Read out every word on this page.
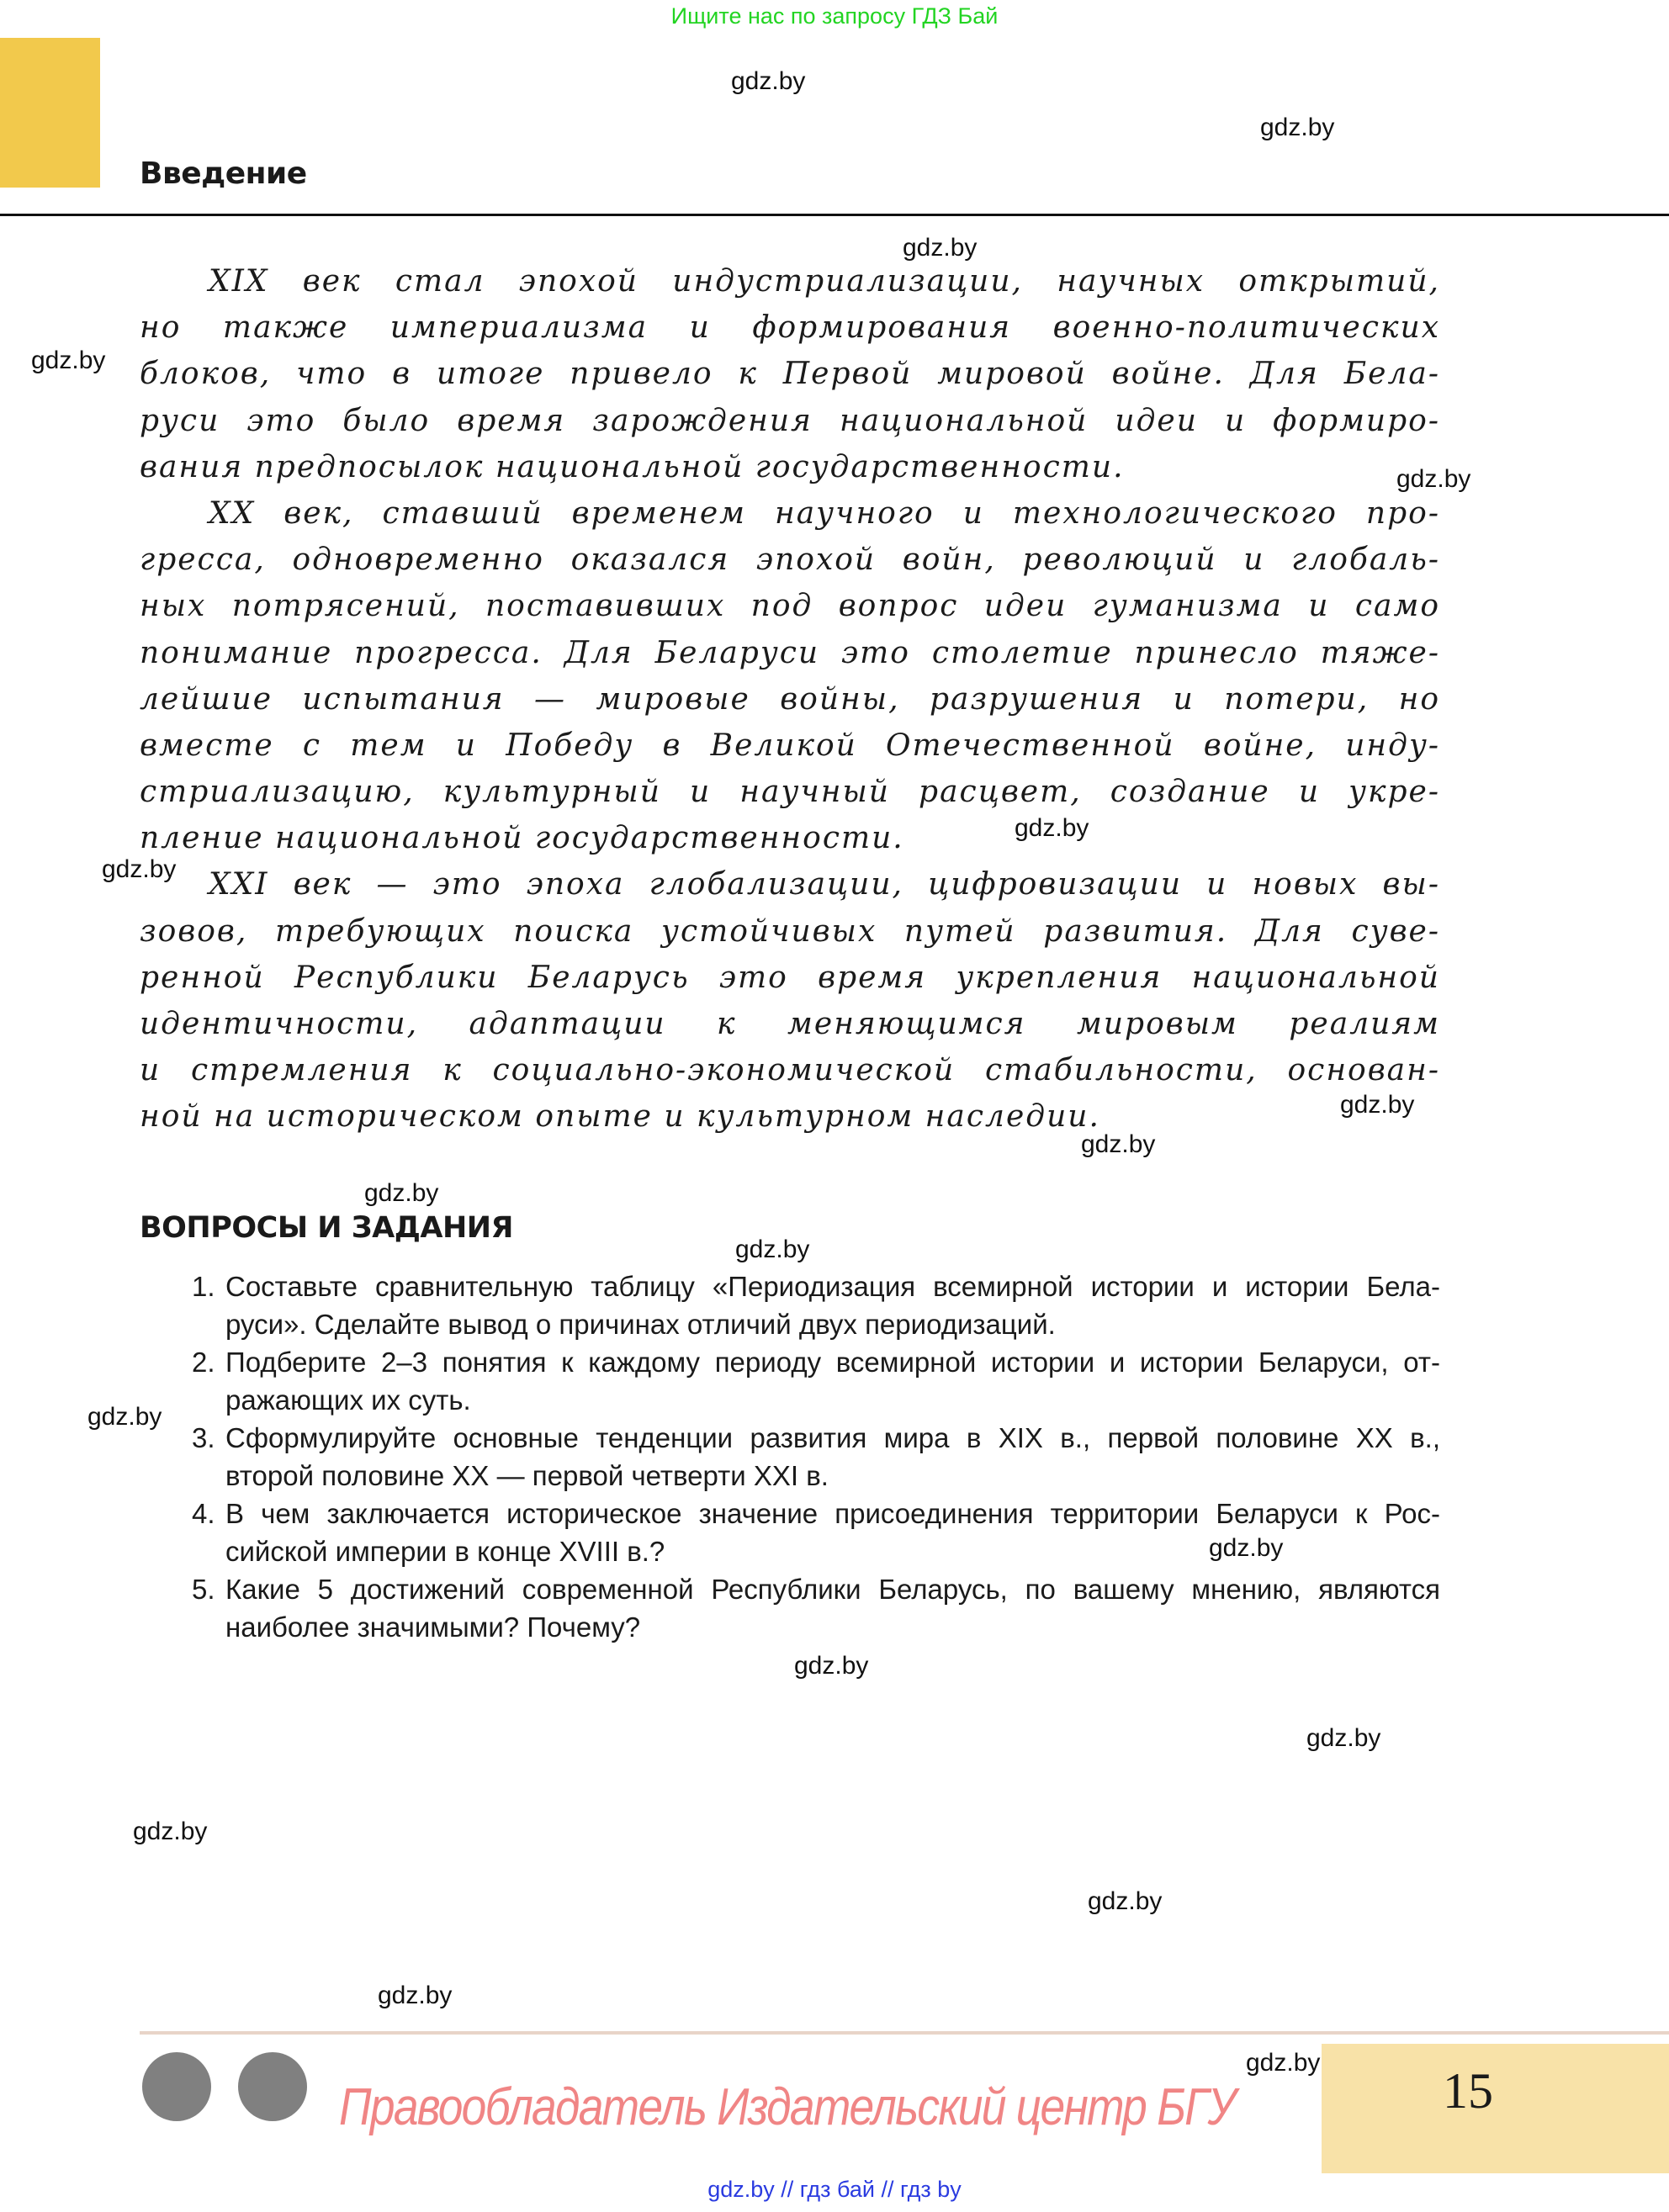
Ищите нас по запросу ГДЗ Бай
Введение
XIX век стал эпохой индустриализации, научных открытий,
но также империализма и формирования военно-политических
блоков, что в итоге привело к Первой мировой войне. Для Бела-
руси это было время зарождения национальной идеи и формиро-
вания предпосылок национальной государственности.
XX век, ставший временем научного и технологического про-
гресса, одновременно оказался эпохой войн, революций и глобаль-
ных потрясений, поставивших под вопрос идеи гуманизма и само
понимание прогресса. Для Беларуси это столетие принесло тяже-
лейшие испытания — мировые войны, разрушения и потери, но
вместе с тем и Победу в Великой Отечественной войне, инду-
стриализацию, культурный и научный расцвет, создание и укре-
пление национальной государственности.
XXI век — это эпоха глобализации, цифровизации и новых вы-
зовов, требующих поиска устойчивых путей развития. Для суве-
ренной Республики Беларусь это время укрепления национальной
идентичности, адаптации к меняющимся мировым реалиям
и стремления к социально-экономической стабильности, основан-
ной на историческом опыте и культурном наследии.
ВОПРОСЫ И ЗАДАНИЯ
1. Составьте сравнительную таблицу «Периодизация всемирной истории и истории Бела-
руси». Сделайте вывод о причинах отличий двух периодизаций.
2. Подберите 2–3 понятия к каждому периоду всемирной истории и истории Беларуси, от-
ражающих их суть.
3. Сформулируйте основные тенденции развития мира в XIX в., первой половине XX в.,
второй половине XX — первой четверти XXI в.
4. В чем заключается историческое значение присоединения территории Беларуси к Рос-
сийской империи в конце XVIII в.?
5. Какие 5 достижений современной Республики Беларусь, по вашему мнению, являются
наиболее значимыми? Почему?
gdz.by
gdz.by
gdz.by
gdz.by
gdz.by
gdz.by
gdz.by
gdz.by
gdz.by
gdz.by
gdz.by
gdz.by
gdz.by
gdz.by
gdz.by
gdz.by
gdz.by
gdz.by
gdz.by
Правообладатель Издательский центр БГУ	15
gdz.by // гдз бай // гдз by
